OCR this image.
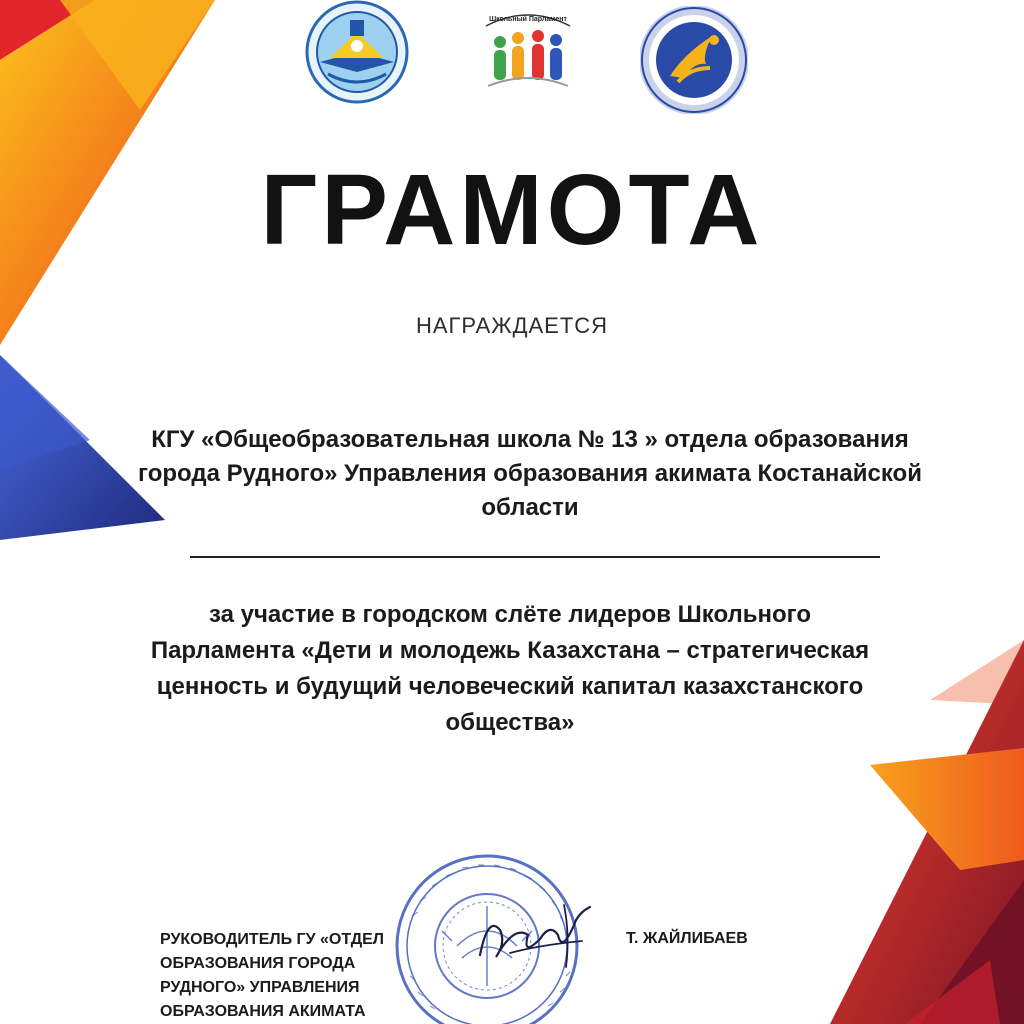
Школьный Парламент
ГРАМОТА
НАГРАЖДАЕТСЯ
КГУ «Общеобразовательная школа № 13 » отдела образования города Рудного» Управления образования акимата Костанайской области
за участие в городском слёте лидеров Школьного Парламента «Дети и молодежь Казахстана – стратегическая ценность и будущий человеческий капитал казахстанского общества»
РУКОВОДИТЕЛЬ ГУ «ОТДЕЛ ОБРАЗОВАНИЯ ГОРОДА РУДНОГО» УПРАВЛЕНИЯ ОБРАЗОВАНИЯ АКИМАТА
Т. ЖАЙЛИБАЕВ
